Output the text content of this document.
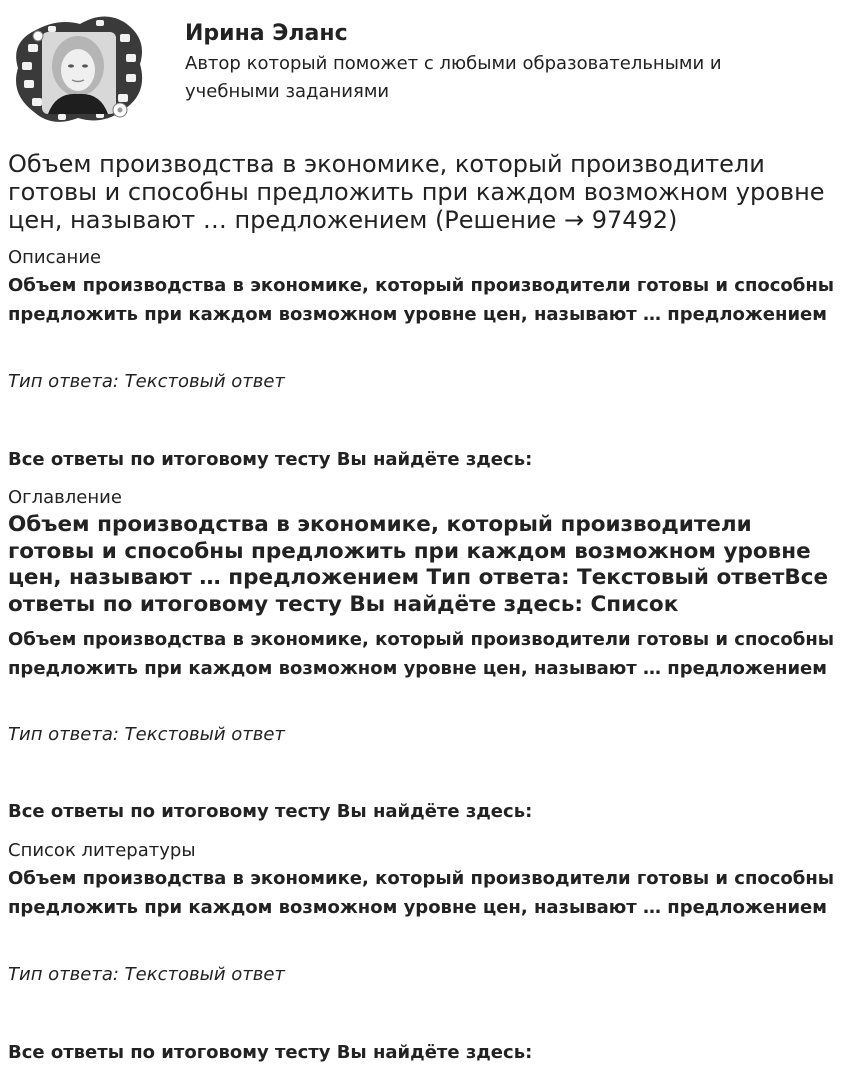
Ирина Эланс
Автор который поможет с любыми образовательными и учебными заданиями
Объем производства в экономике, который производители готовы и способны предложить при каждом возможном уровне цен, называют … предложением (Решение → 97492)
Описание
Объем производства в экономике, который производители готовы и способны предложить при каждом возможном уровне цен, называют … предложением
Тип ответа: Текстовый ответ
Все ответы по итоговому тесту Вы найдёте здесь:
Оглавление
Объем производства в экономике, который производители готовы и способны предложить при каждом возможном уровне цен, называют … предложением Тип ответа: Текстовый ответВсе ответы по итоговому тесту Вы найдёте здесь: Список
Объем производства в экономике, который производители готовы и способны предложить при каждом возможном уровне цен, называют … предложением
Тип ответа: Текстовый ответ
Все ответы по итоговому тесту Вы найдёте здесь:
Список литературы
Объем производства в экономике, который производители готовы и способны предложить при каждом возможном уровне цен, называют … предложением
Тип ответа: Текстовый ответ
Все ответы по итоговому тесту Вы найдёте здесь:
